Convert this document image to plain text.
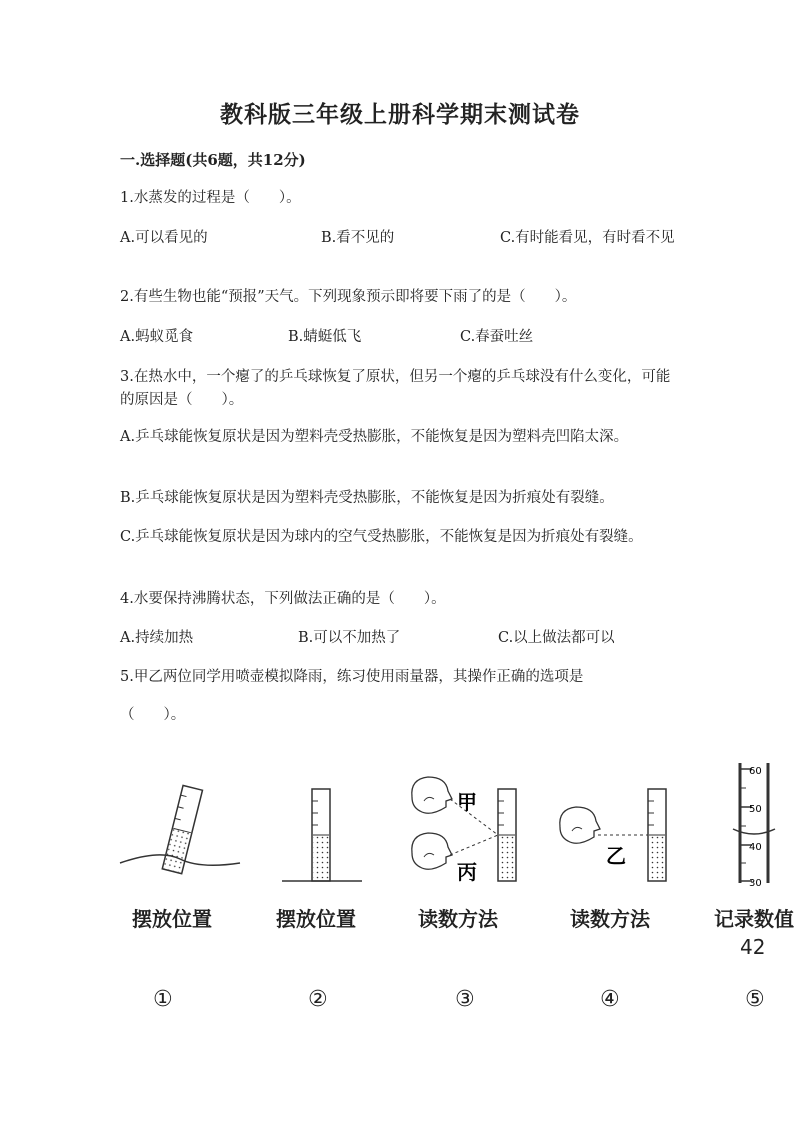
教科版三年级上册科学期末测试卷
一.选择题(共6题，共12分)
1.水蒸发的过程是（　　）。
A.可以看见的	B.看不见的	C.有时能看见，有时看不见
2.有些生物也能“预报”天气。下列现象预示即将要下雨了的是（　　）。
A.蚂蚁觅食	B.蜻蜓低飞	C.春蚕吐丝
3.在热水中，一个瘪了的乒乓球恢复了原状，但另一个瘪的乒乓球没有什么变化，可能的原因是（　　）。
A.乒乓球能恢复原状是因为塑料壳受热膨胀，不能恢复是因为塑料壳凹陷太深。
B.乒乓球能恢复原状是因为塑料壳受热膨胀，不能恢复是因为折痕处有裂缝。
C.乒乓球能恢复原状是因为球内的空气受热膨胀，不能恢复是因为折痕处有裂缝。
4.水要保持沸腾状态，下列做法正确的是（　　）。
A.持续加热	B.可以不加热了	C.以上做法都可以
5.甲乙两位同学用喷壶模拟降雨，练习使用雨量器，其操作正确的选项是
（　　）。
60
50
40
30
甲
丙
乙
摆放位置	摆放位置	读数方法	读数方法	记录数值
42
①	②	③	④	⑤
